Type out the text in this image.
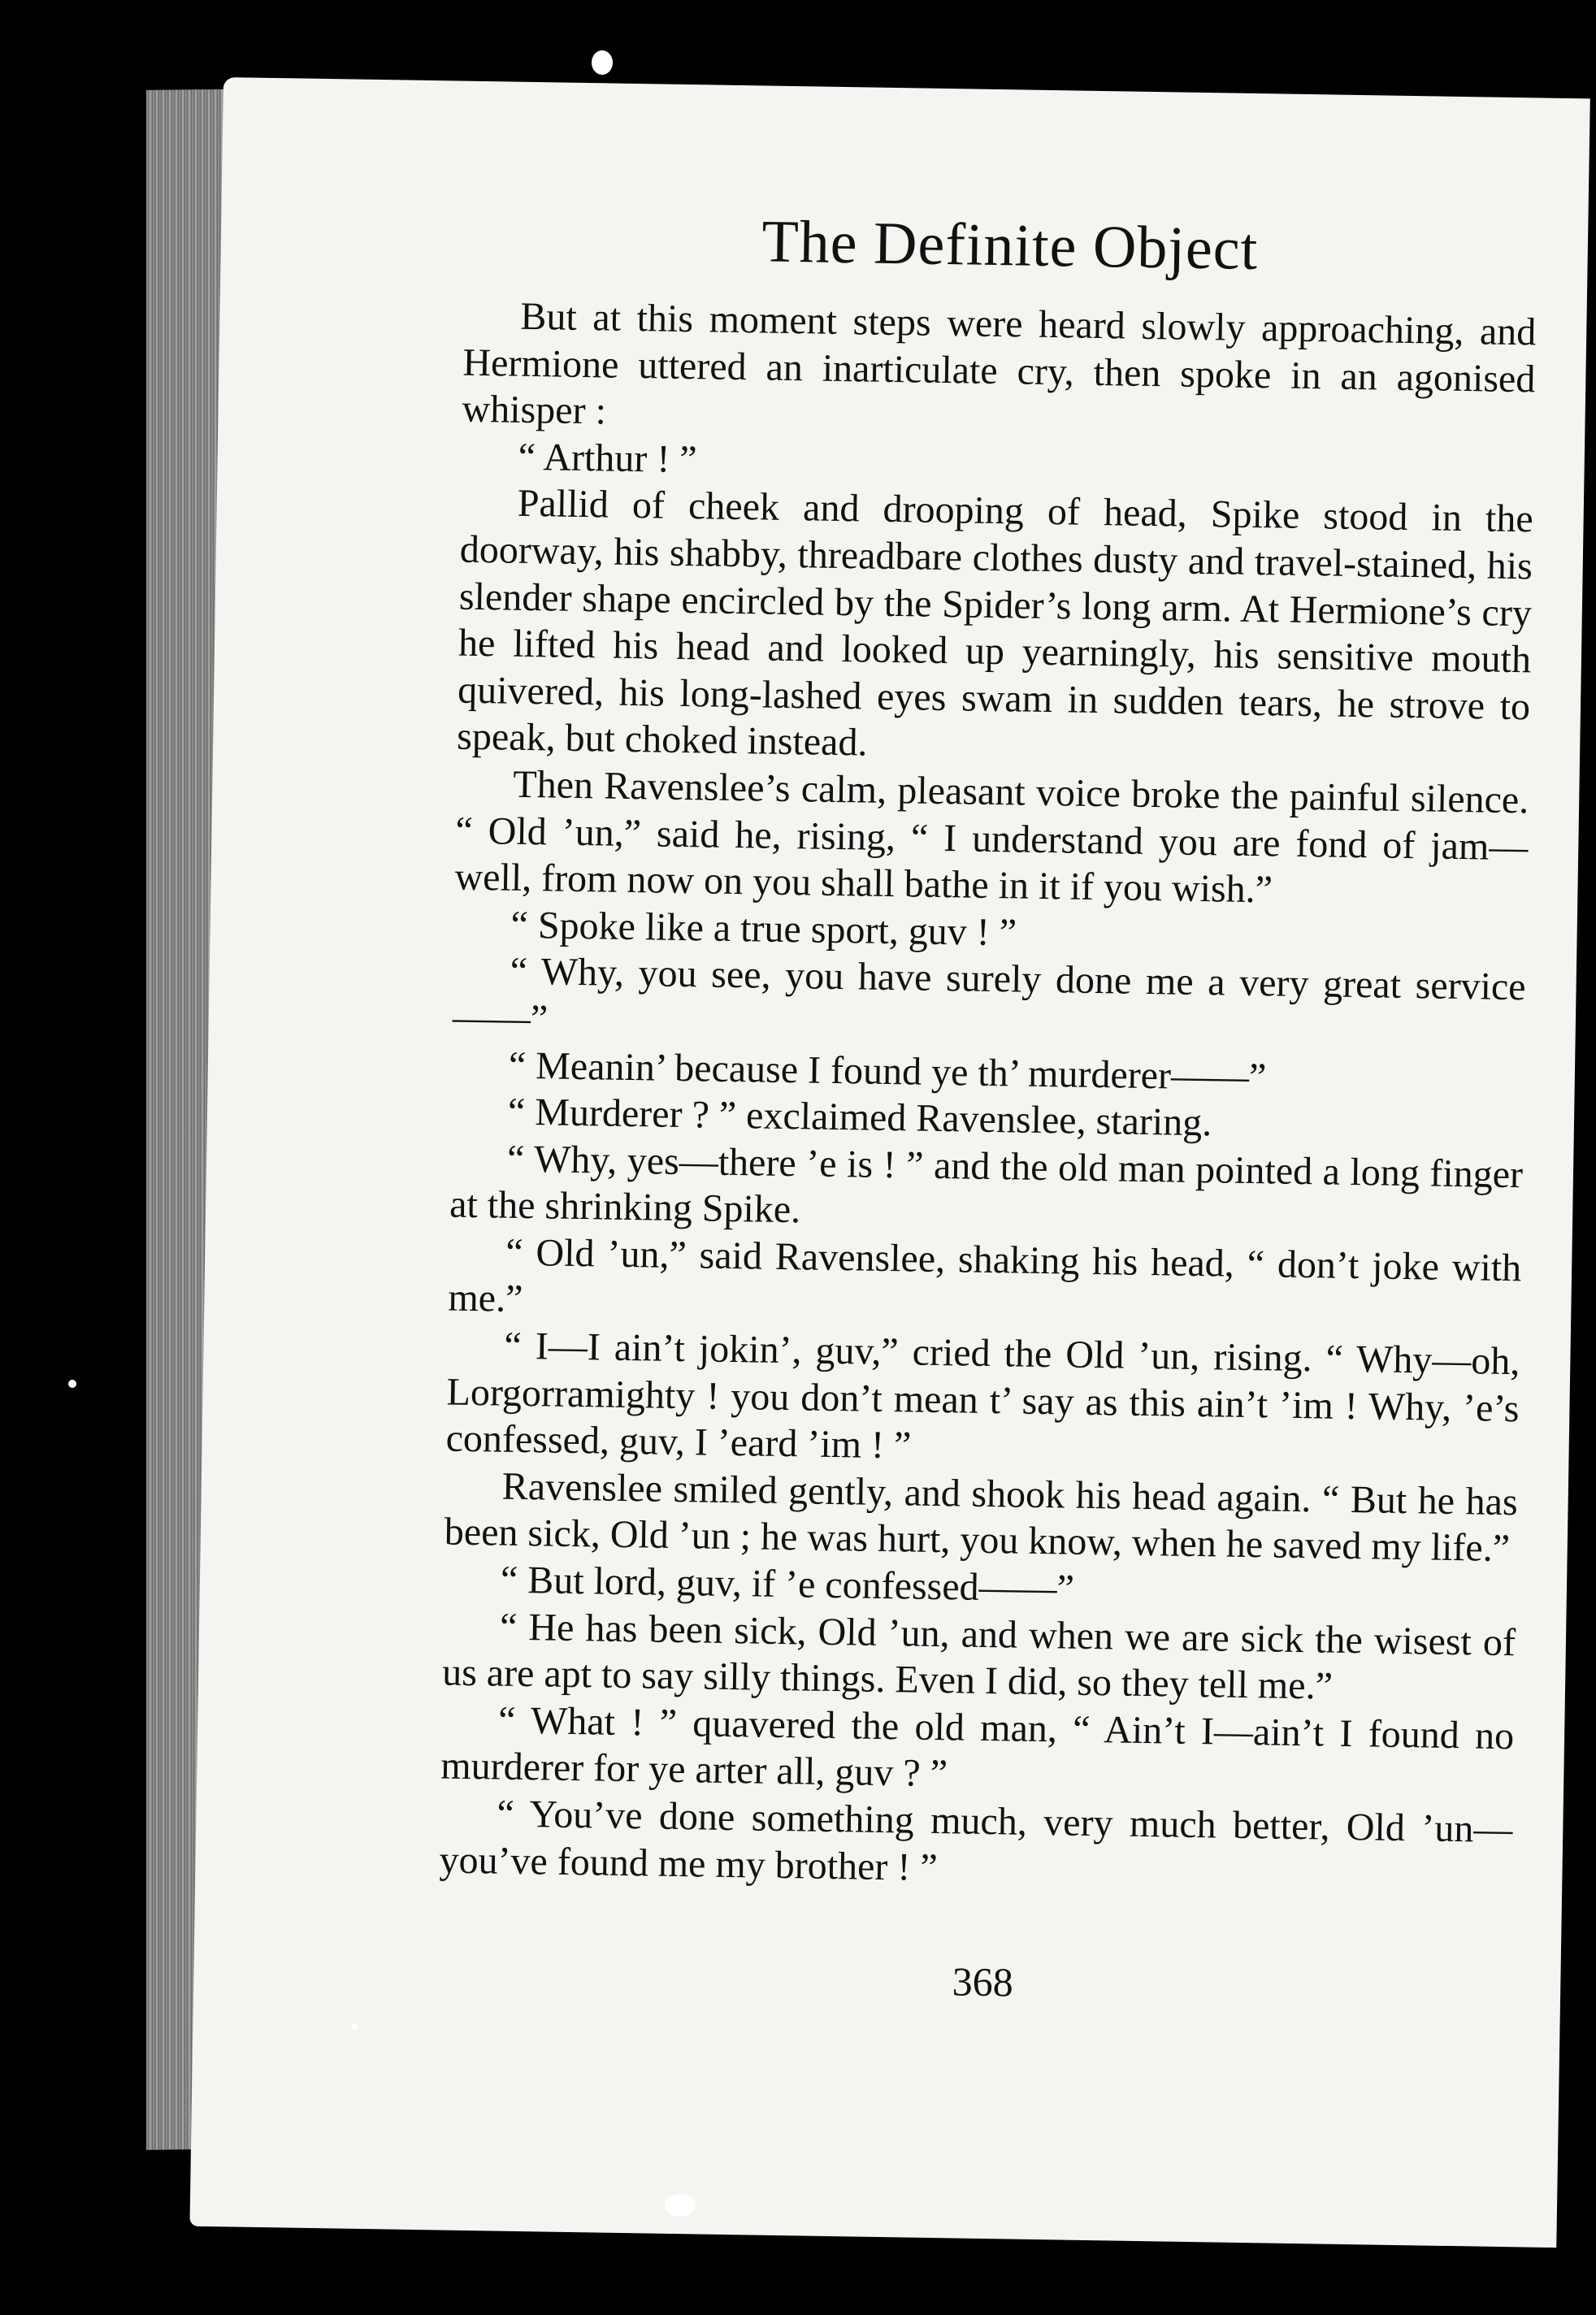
The Definite Object

But at this moment steps were heard slowly approaching, and Hermione uttered an inarticulate cry, then spoke in an agonised whisper :

“ Arthur ! ”

Pallid of cheek and drooping of head, Spike stood in the doorway, his shabby, threadbare clothes dusty and travel-stained, his slender shape encircled by the Spider’s long arm. At Hermione’s cry he lifted his head and looked up yearningly, his sensitive mouth quivered, his long-lashed eyes swam in sudden tears, he strove to speak, but choked instead.

Then Ravenslee’s calm, pleasant voice broke the painful silence. “ Old ’un,” said he, rising, “ I understand you are fond of jam—well, from now on you shall bathe in it if you wish.”

“ Spoke like a true sport, guv ! ”

“ Why, you see, you have surely done me a very great service——”

“ Meanin’ because I found ye th’ murderer——”

“ Murderer ? ” exclaimed Ravenslee, staring.

“ Why, yes—there ’e is ! ” and the old man pointed a long finger at the shrinking Spike.

“ Old ’un,” said Ravenslee, shaking his head, “ don’t joke with me.”

“ I—I ain’t jokin’, guv,” cried the Old ’un, rising. “ Why—oh, Lorgorramighty ! you don’t mean t’ say as this ain’t ’im ! Why, ’e’s confessed, guv, I ’eard ’im ! ”

Ravenslee smiled gently, and shook his head again. “ But he has been sick, Old ’un ; he was hurt, you know, when he saved my life.”

“ But lord, guv, if ’e confessed——”

“ He has been sick, Old ’un, and when we are sick the wisest of us are apt to say silly things. Even I did, so they tell me.”

“ What ! ” quavered the old man, “ Ain’t I—ain’t I found no murderer for ye arter all, guv ? ”

“ You’ve done something much, very much better, Old ’un—you’ve found me my brother ! ”

368
